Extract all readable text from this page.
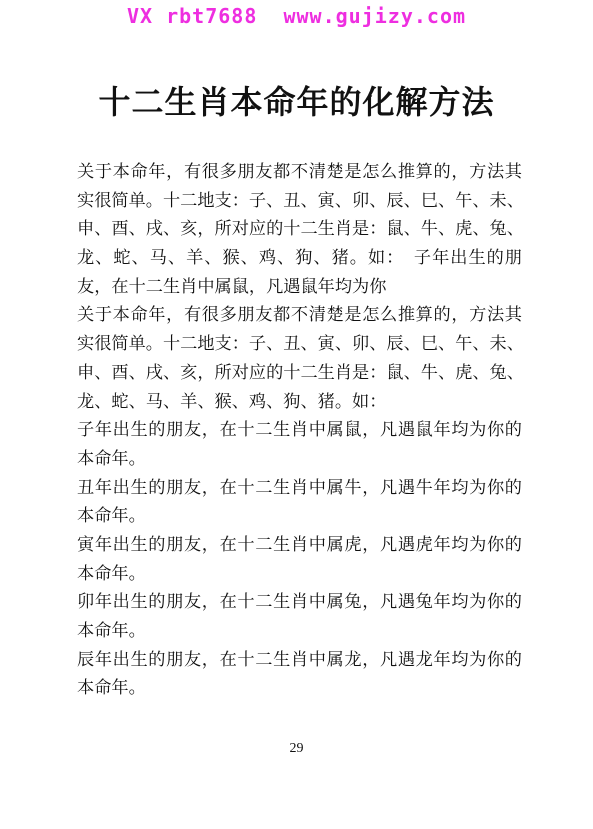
VX rbt7688  www.gujizy.com
十二生肖本命年的化解方法
关于本命年，有很多朋友都不清楚是怎么推算的，方法其
实很简单。十二地支：子、丑、寅、卯、辰、巳、午、未、
申、酉、戌、亥，所对应的十二生肖是：鼠、牛、虎、兔、
龙、蛇、马、羊、猴、鸡、狗、猪。如：　子年出生的朋
友，在十二生肖中属鼠，凡遇鼠年均为你
关于本命年，有很多朋友都不清楚是怎么推算的，方法其
实很简单。十二地支：子、丑、寅、卯、辰、巳、午、未、
申、酉、戌、亥，所对应的十二生肖是：鼠、牛、虎、兔、
龙、蛇、马、羊、猴、鸡、狗、猪。如：
子年出生的朋友，在十二生肖中属鼠，凡遇鼠年均为你的
本命年。
丑年出生的朋友，在十二生肖中属牛，凡遇牛年均为你的
本命年。
寅年出生的朋友，在十二生肖中属虎，凡遇虎年均为你的
本命年。
卯年出生的朋友，在十二生肖中属兔，凡遇兔年均为你的
本命年。
辰年出生的朋友，在十二生肖中属龙，凡遇龙年均为你的
本命年。
29
